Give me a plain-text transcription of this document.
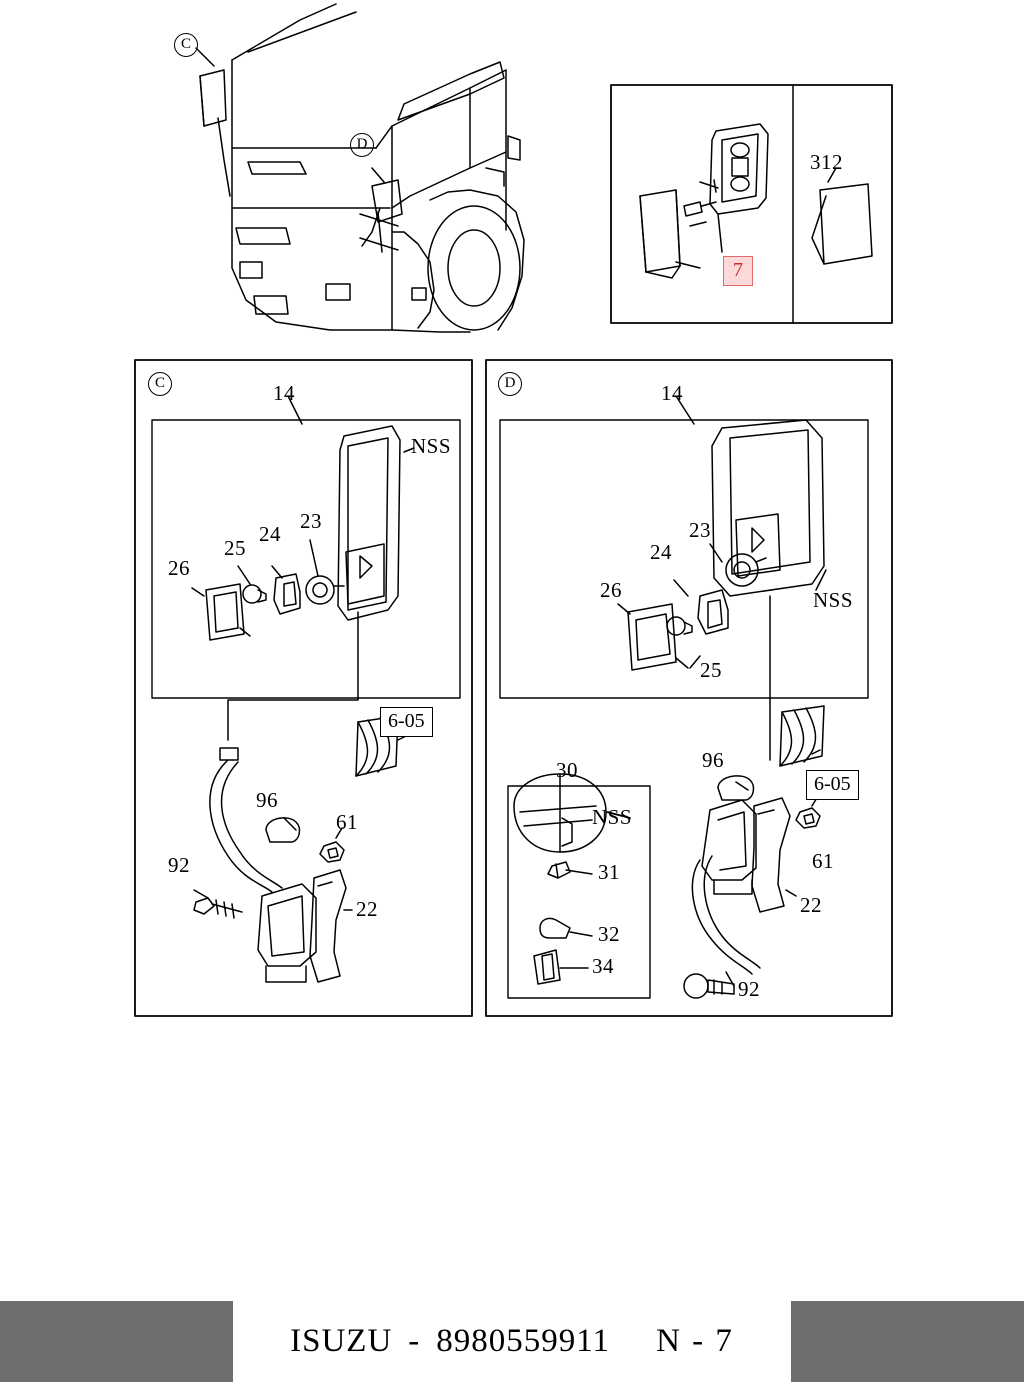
C
D
C	D
7
312
14
NSS
23
24
25
26
96
61
92
22
6-05
14
NSS
23
24
26
25
96
61
92
22
6-05
30
NSS
31
32
34
ISUZU - 8980559911 N - 7
